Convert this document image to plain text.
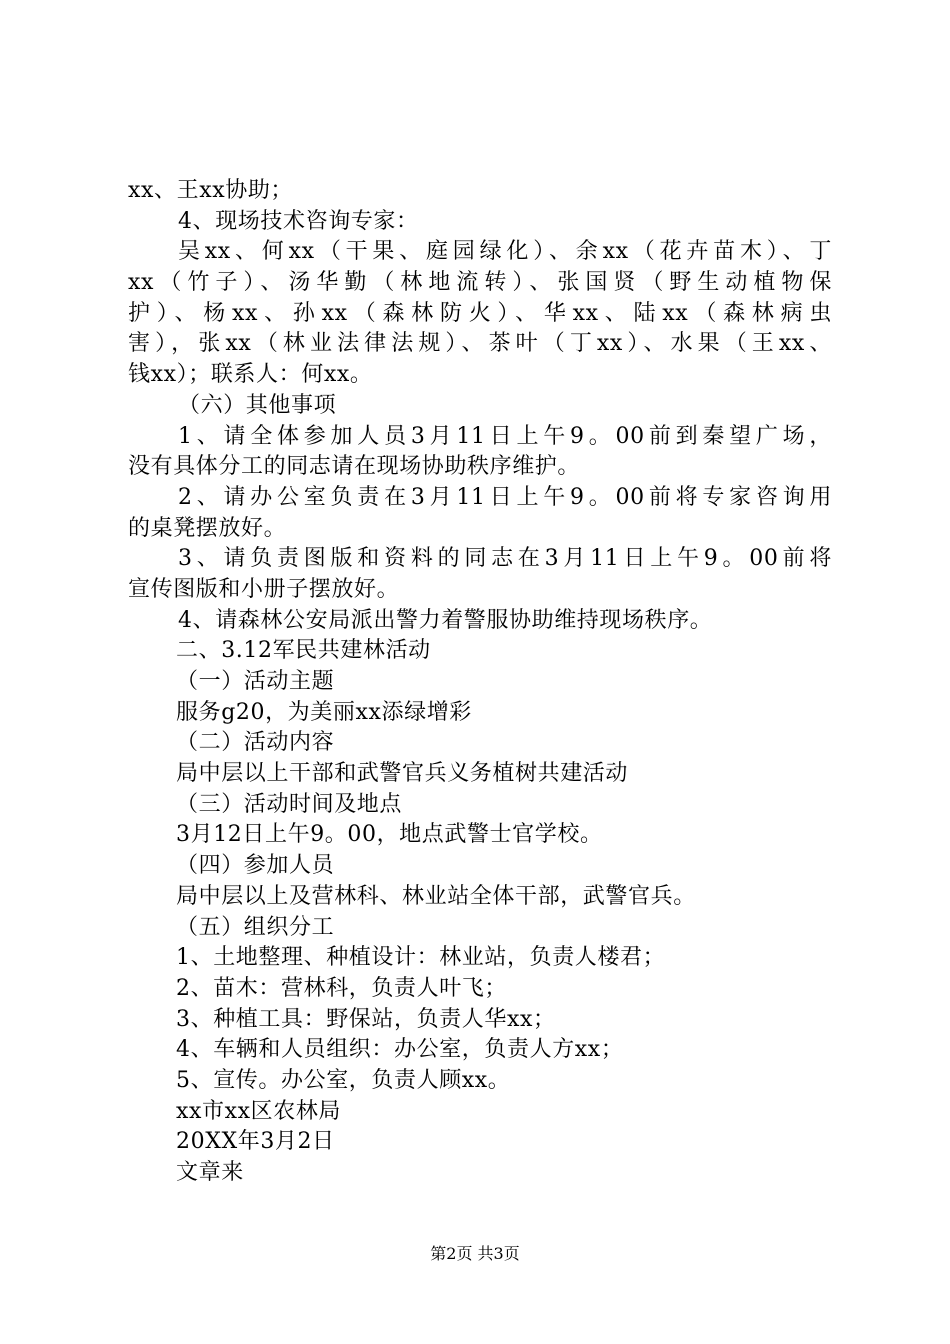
xx、王xx协助；
4、现场技术咨询专家：
吴xx、何xx（干果、庭园绿化）、余xx（花卉苗木）、丁
xx（竹子）、汤华勤（林地流转）、张国贤（野生动植物保
护）、杨xx、孙xx（森林防火）、华xx、陆xx（森林病虫
害），张xx（林业法律法规）、茶叶（丁xx）、水果（王xx、
钱xx）；联系人：何xx。
（六）其他事项
1、请全体参加人员3月11日上午9。00前到秦望广场，
没有具体分工的同志请在现场协助秩序维护。
2、请办公室负责在3月11日上午9。00前将专家咨询用
的桌凳摆放好。
3、请负责图版和资料的同志在3月11日上午9。00前将
宣传图版和小册子摆放好。
4、请森林公安局派出警力着警服协助维持现场秩序。
二、3.12军民共建林活动
（一）活动主题
服务g20，为美丽xx添绿增彩
（二）活动内容
局中层以上干部和武警官兵义务植树共建活动
（三）活动时间及地点
3月12日上午9。00，地点武警士官学校。
（四）参加人员
局中层以上及营林科、林业站全体干部，武警官兵。
（五）组织分工
1、土地整理、种植设计：林业站，负责人楼君；
2、苗木：营林科，负责人叶飞；
3、种植工具：野保站，负责人华xx；
4、车辆和人员组织：办公室，负责人方xx；
5、宣传。办公室，负责人顾xx。
xx市xx区农林局
20XX年3月2日
文章来
第2页 共3页
